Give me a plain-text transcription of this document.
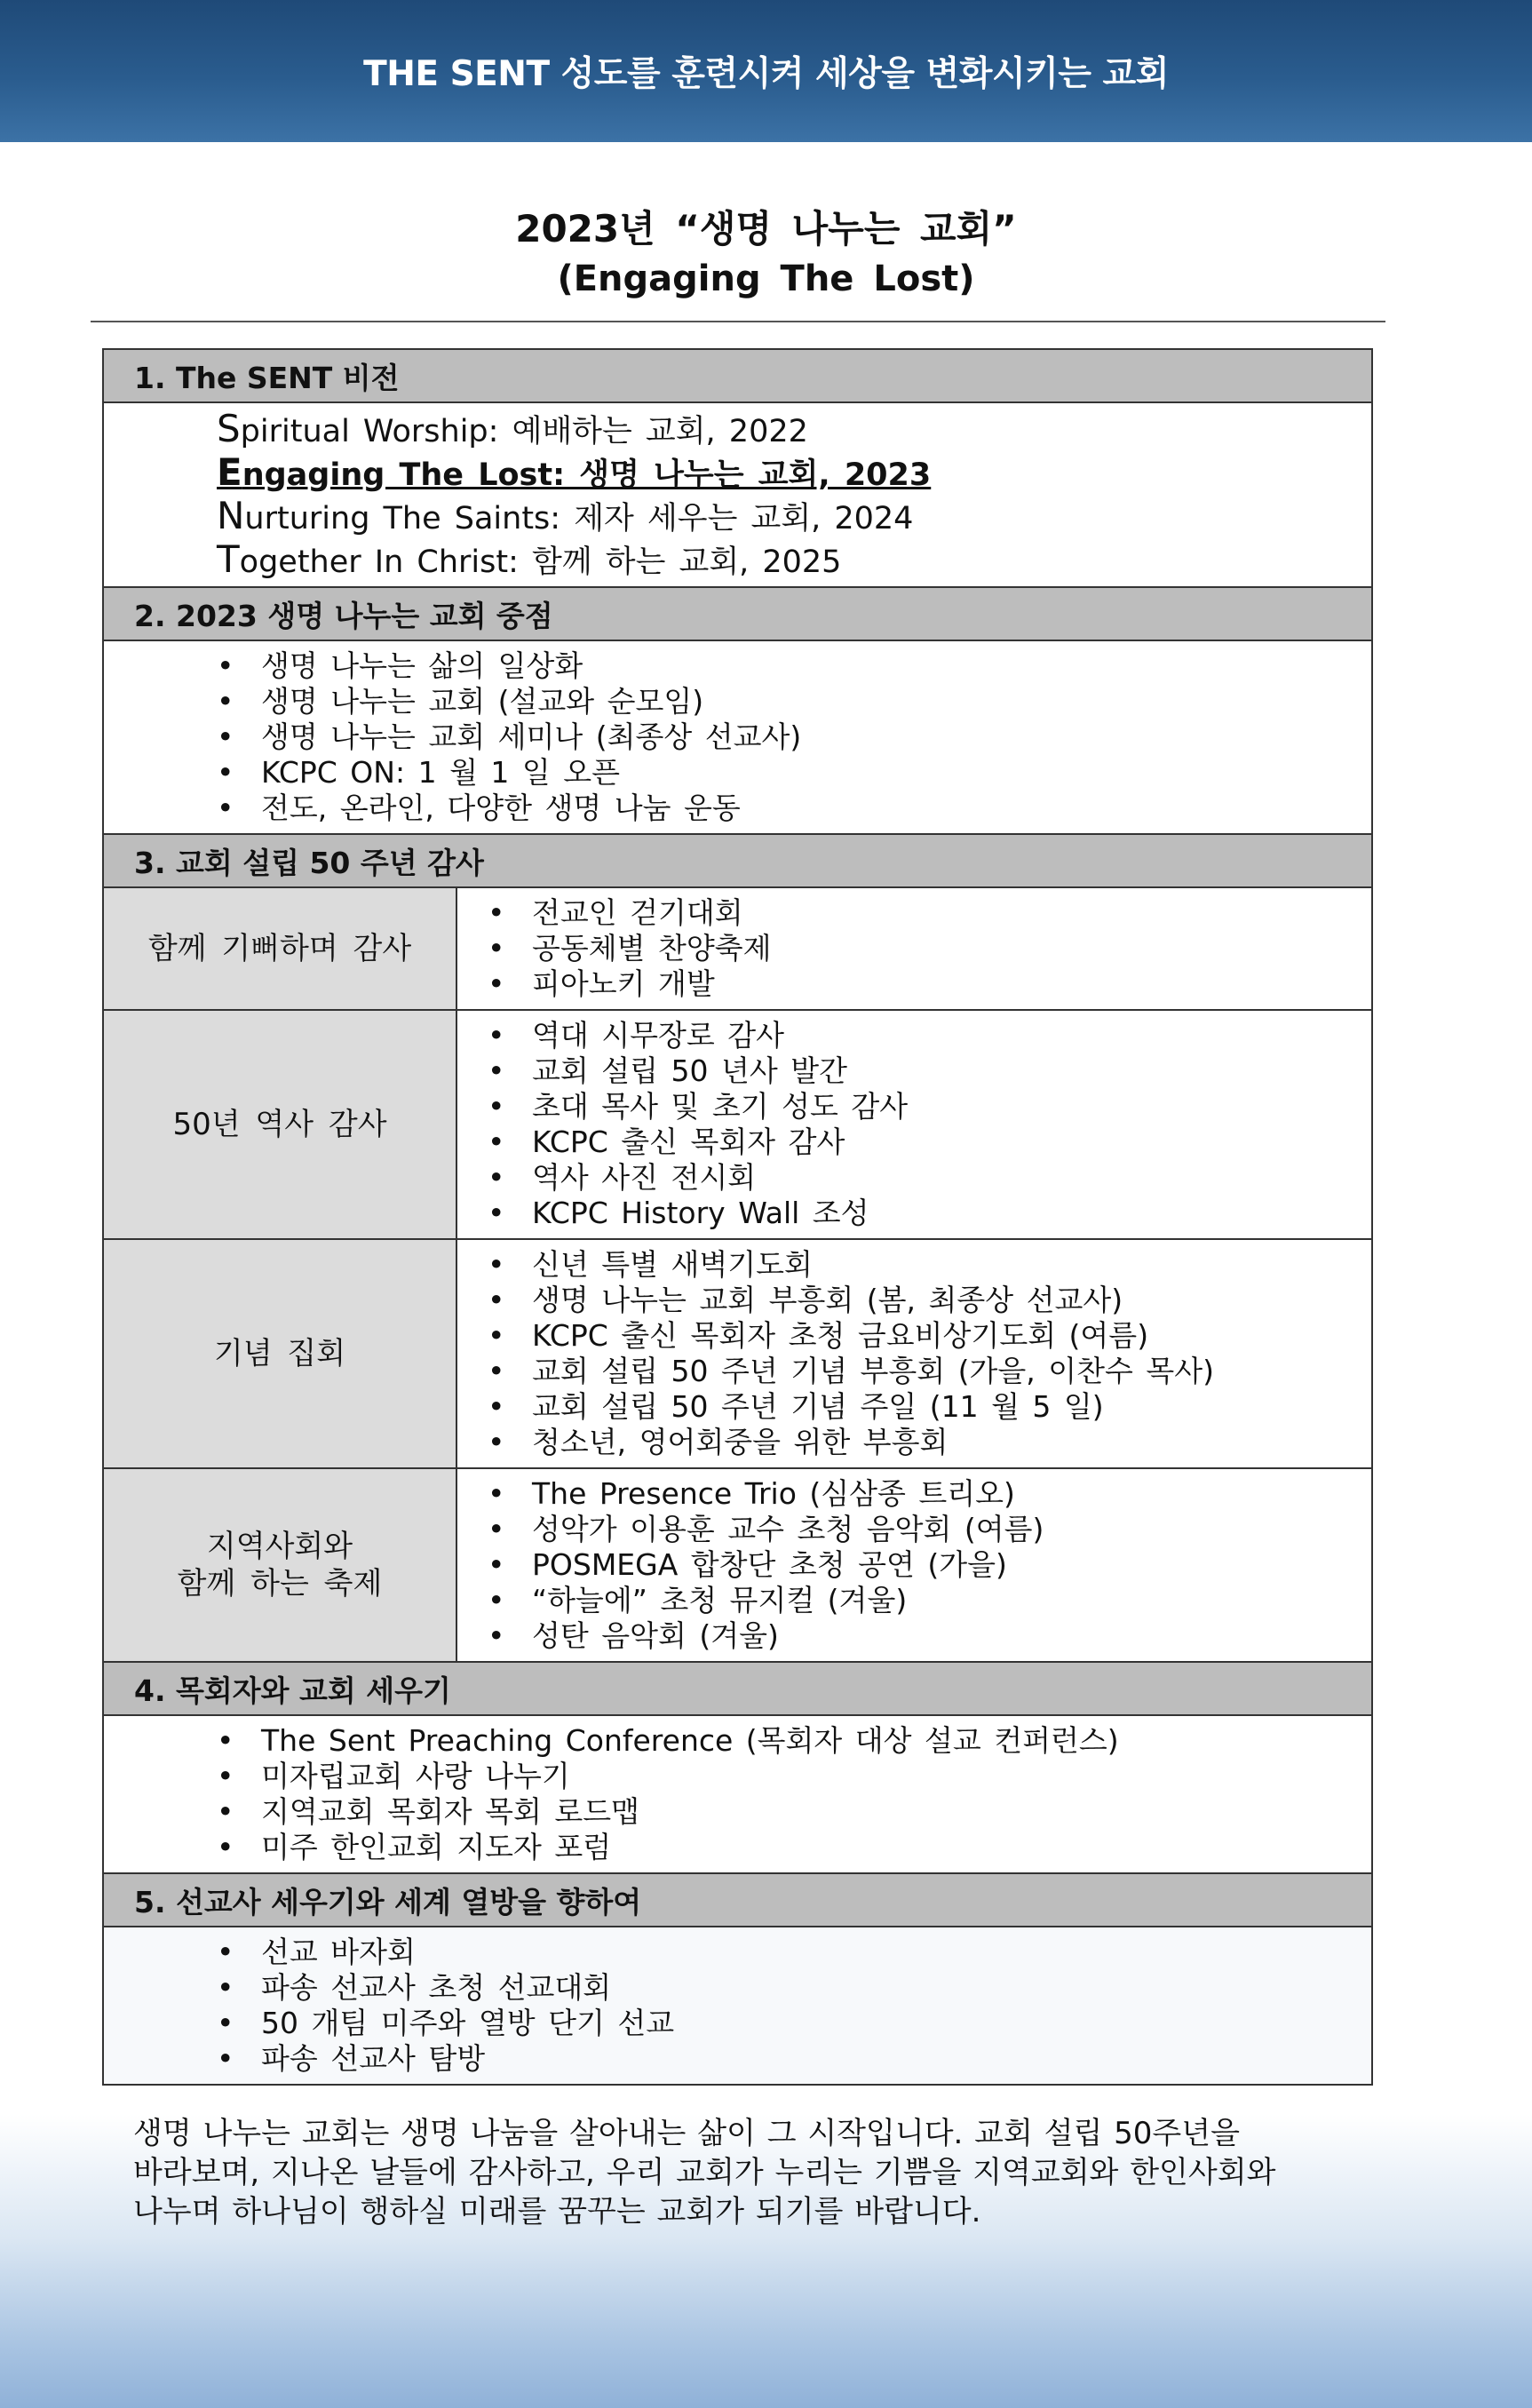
THE SENT 성도를 훈련시켜 세상을 변화시키는 교회
2023년 “생명 나누는 교회”
(Engaging The Lost)
1. The SENT 비전
Spiritual Worship: 예배하는 교회, 2022
Engaging The Lost: 생명 나누는 교회, 2023
Nurturing The Saints: 제자 세우는 교회, 2024
Together In Christ: 함께 하는 교회, 2025
2. 2023 생명 나누는 교회 중점
• 생명 나누는 삶의 일상화
• 생명 나누는 교회 (설교와 순모임)
• 생명 나누는 교회 세미나 (최종상 선교사)
• KCPC ON: 1 월 1 일 오픈
• 전도, 온라인, 다양한 생명 나눔 운동
3. 교회 설립 50 주년 감사
함께 기뻐하며 감사
• 전교인 걷기대회
• 공동체별 찬양축제
• 피아노키 개발
50년 역사 감사
• 역대 시무장로 감사
• 교회 설립 50 년사 발간
• 초대 목사 및 초기 성도 감사
• KCPC 출신 목회자 감사
• 역사 사진 전시회
• KCPC History Wall 조성
기념 집회
• 신년 특별 새벽기도회
• 생명 나누는 교회 부흥회 (봄, 최종상 선교사)
• KCPC 출신 목회자 초청 금요비상기도회 (여름)
• 교회 설립 50 주년 기념 부흥회 (가을, 이찬수 목사)
• 교회 설립 50 주년 기념 주일 (11 월 5 일)
• 청소년, 영어회중을 위한 부흥회
지역사회와
함께 하는 축제
• The Presence Trio (심삼종 트리오)
• 성악가 이용훈 교수 초청 음악회 (여름)
• POSMEGA 합창단 초청 공연 (가을)
• “하늘에” 초청 뮤지컬 (겨울)
• 성탄 음악회 (겨울)
4. 목회자와 교회 세우기
• The Sent Preaching Conference (목회자 대상 설교 컨퍼런스)
• 미자립교회 사랑 나누기
• 지역교회 목회자 목회 로드맵
• 미주 한인교회 지도자 포럼
5. 선교사 세우기와 세계 열방을 향하여
• 선교 바자회
• 파송 선교사 초청 선교대회
• 50 개팀 미주와 열방 단기 선교
• 파송 선교사 탐방
생명 나누는 교회는 생명 나눔을 살아내는 삶이 그 시작입니다. 교회 설립 50주년을
바라보며, 지나온 날들에 감사하고, 우리 교회가 누리는 기쁨을 지역교회와 한인사회와
나누며 하나님이 행하실 미래를 꿈꾸는 교회가 되기를 바랍니다.
